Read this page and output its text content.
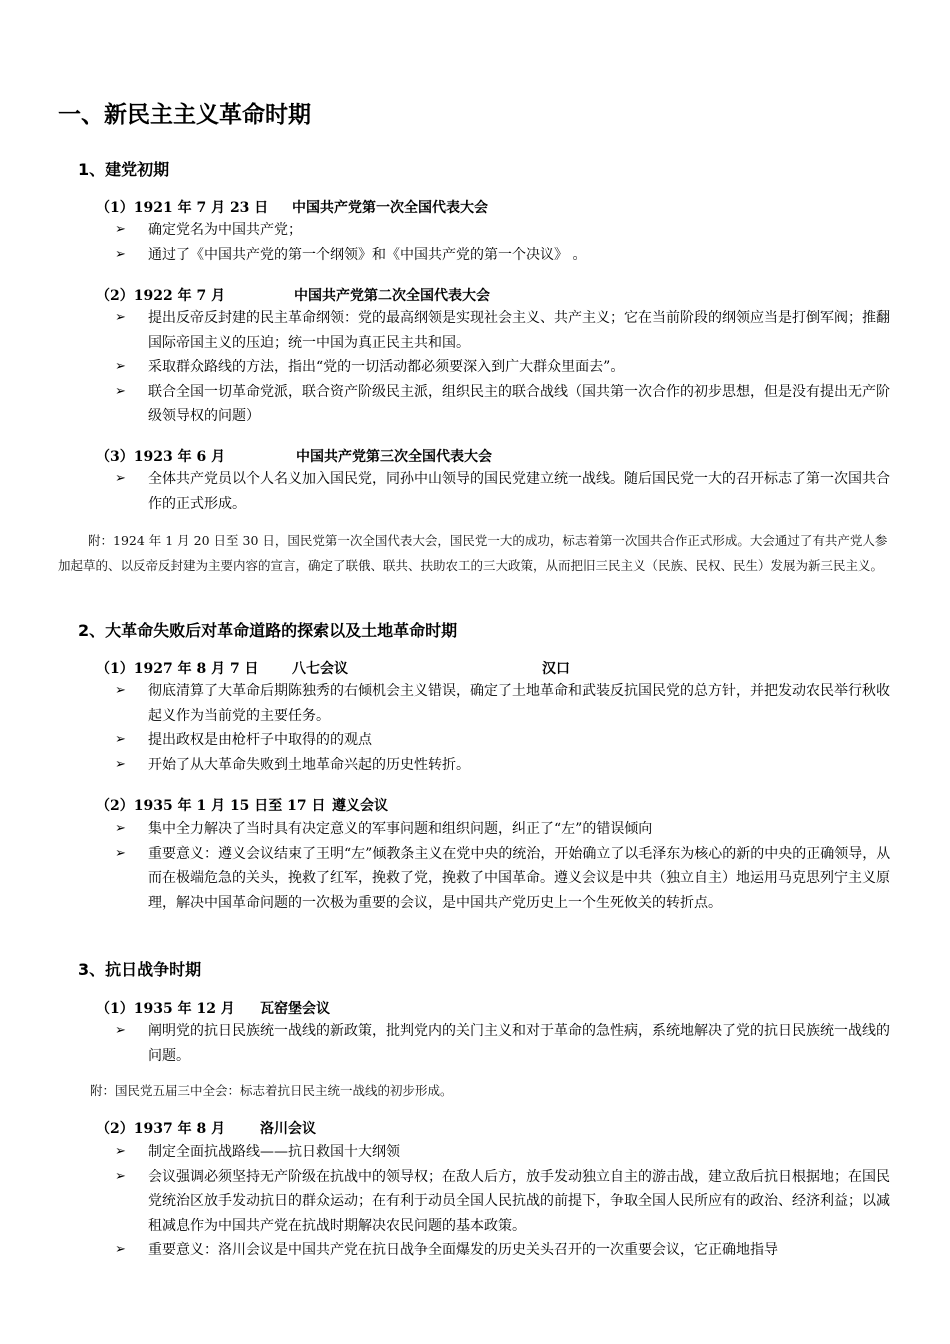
一、新民主主义革命时期
1、建党初期
（1）1921 年 7 月 23 日 中国共产党第一次全国代表大会
➢ 确定党名为中国共产党；
➢ 通过了《中国共产党的第一个纲领》和《中国共产党的第一个决议》 。
（2）1922 年 7 月	中国共产党第二次全国代表大会
➢ 提出反帝反封建的民主革命纲领：党的最高纲领是实现社会主义、共产主义；它在当前阶段的纲领应当是打倒军阀；推翻国际帝国主义的压迫；统一中国为真正民主共和国。
➢ 采取群众路线的方法，指出“党的一切活动都必须要深入到广大群众里面去”。
➢ 联合全国一切革命党派，联合资产阶级民主派，组织民主的联合战线（国共第一次合作的初步思想，但是没有提出无产阶级领导权的问题）
（3）1923 年 6 月	中国共产党第三次全国代表大会
➢ 全体共产党员以个人名义加入国民党，同孙中山领导的国民党建立统一战线。随后国民党一大的召开标志了第一次国共合作的正式形成。

附：1924 年 1 月 20 日至 30 日，国民党第一次全国代表大会，国民党一大的成功，标志着第一次国共合作正式形成。大会通过了有共产党人参加起草的、以反帝反封建为主要内容的宣言，确定了联俄、联共、扶助农工的三大政策，从而把旧三民主义（民族、民权、民生）发展为新三民主义。

2、大革命失败后对革命道路的探索以及土地革命时期
（1）1927 年 8 月 7 日 八七会议	汉口
➢ 彻底清算了大革命后期陈独秀的右倾机会主义错误，确定了土地革命和武装反抗国民党的总方针，并把发动农民举行秋收起义作为当前党的主要任务。
➢ 提出政权是由枪杆子中取得的的观点
➢ 开始了从大革命失败到土地革命兴起的历史性转折。
（2）1935 年 1 月 15 日至 17 日 遵义会议
➢ 集中全力解决了当时具有决定意义的军事问题和组织问题，纠正了“左”的错误倾向
➢ 重要意义：遵义会议结束了王明“左”倾教条主义在党中央的统治，开始确立了以毛泽东为核心的新的中央的正确领导，从而在极端危急的关头，挽救了红军，挽救了党，挽救了中国革命。遵义会议是中共（独立自主）地运用马克思列宁主义原理，解决中国革命问题的一次极为重要的会议，是中国共产党历史上一个生死攸关的转折点。
3、抗日战争时期
（1）1935 年 12 月 瓦窑堡会议
➢ 阐明党的抗日民族统一战线的新政策，批判党内的关门主义和对于革命的急性病，系统地解决了党的抗日民族统一战线的问题。

附：国民党五届三中全会：标志着抗日民主统一战线的初步形成。

（2）1937 年 8 月 洛川会议
➢ 制定全面抗战路线——抗日救国十大纲领
➢ 会议强调必须坚持无产阶级在抗战中的领导权；在敌人后方，放手发动独立自主的游击战，建立敌后抗日根据地；在国民党统治区放手发动抗日的群众运动；在有利于动员全国人民抗战的前提下，争取全国人民所应有的政治、经济利益；以减租减息作为中国共产党在抗战时期解决农民问题的基本政策。
➢ 重要意义：洛川会议是中国共产党在抗日战争全面爆发的历史关头召开的一次重要会议，它正确地指导
